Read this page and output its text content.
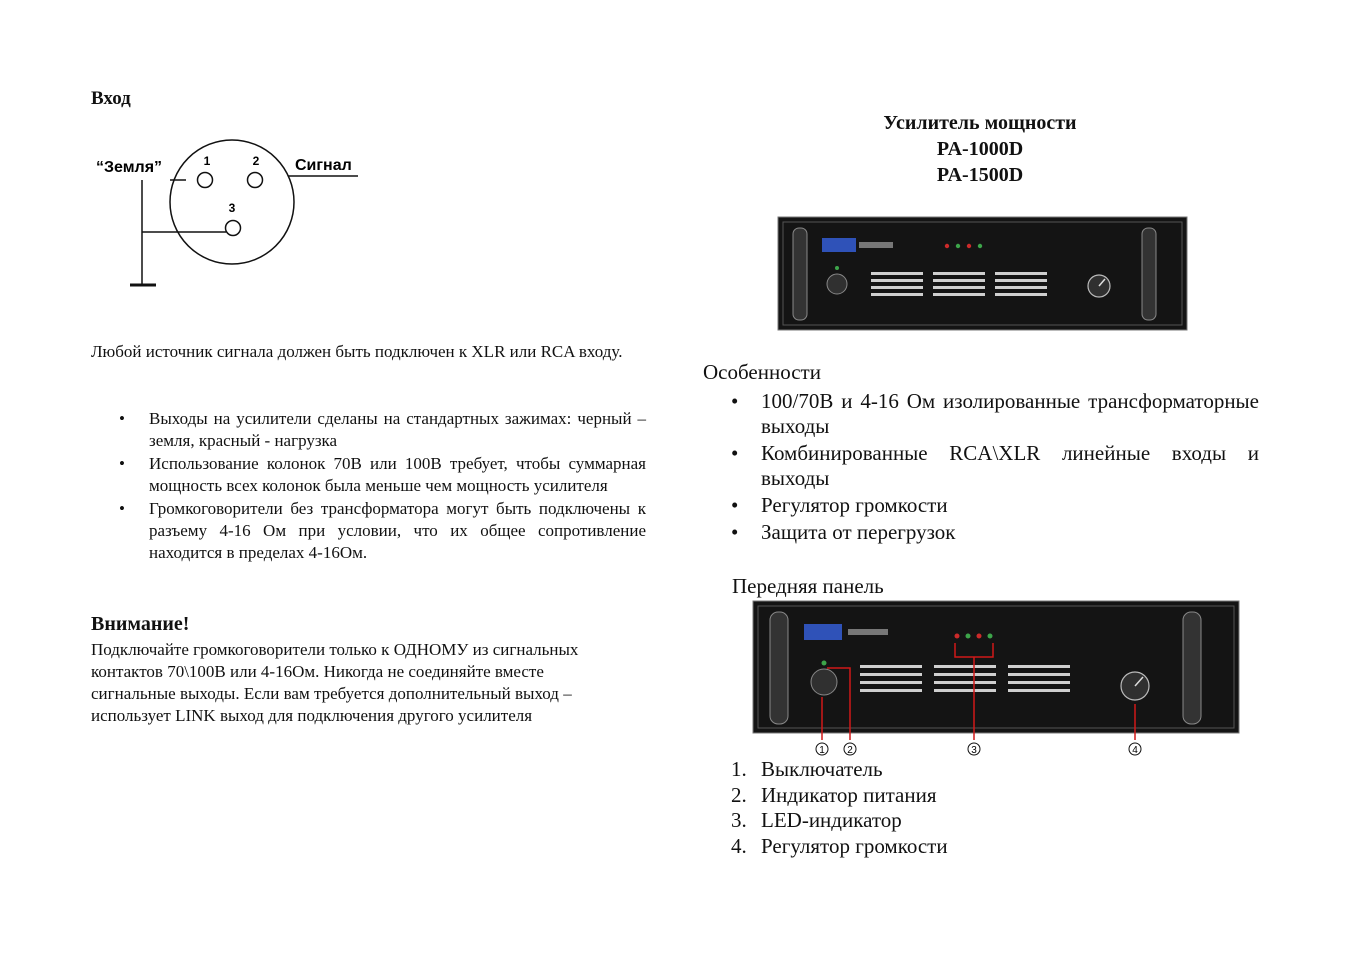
Вход
1	2
3
“Земля”	Сигнал

Любой источник сигнала должен быть подключен к XLR или RCA входу.

• Выходы на усилители сделаны на стандартных зажимах: черный – земля, красный - нагрузка
• Использование колонок 70В или 100В требует, чтобы суммарная мощность всех колонок была меньше чем мощность усилителя
• Громкоговорители без трансформатора могут быть подключены к разъему 4-16 Ом при условии, что их общее сопротивление находится в пределах 4-16Ом.
Внимание!

Подключайте громкоговорители только к ОДНОМУ из сигнальных контактов 70\100В или 4-16Ом. Никогда не соединяйте вместе сигнальные выходы. Если вам требуется дополнительный выход – использует LINK выход для подключения другого усилителя

Усилитель мощности
PA-1000D
PA-1500D
Особенности
• 100/70В и 4-16 Ом изолированные трансформаторные выходы
• Комбинированные RCA\XLR линейные входы и выходы
• Регулятор громкости
• Защита от перегрузок
Передняя панель
1 2	3	4
1. Выключатель
2. Индикатор питания
3. LED-индикатор
4. Регулятор громкости
